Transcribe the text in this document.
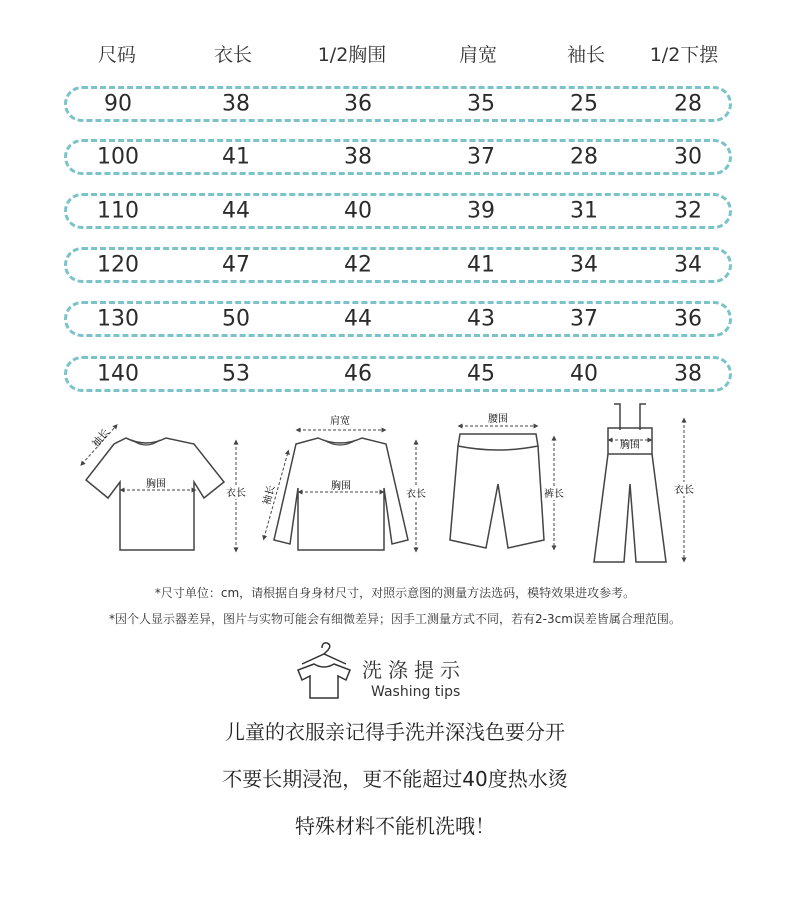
尺码	衣长	1/2胸围	肩宽	袖长 1/2下摆
90	38	36	35	25	28
100	41	38	37	28	30
110	44	40	39	31	32
120	47	42	41	34	34
130	50	44	43	37	36
140	53	46	45	40	38
袖长
胸围
衣长
肩宽
袖长	胸围
衣长
腰围
裤长
胸围
衣长
*尺寸单位：cm，请根据自身身材尺寸，对照示意图的测量方法选码，模特效果进攻参考。
*因个人显示器差异，图片与实物可能会有细微差异；因手工测量方式不同，若有2-3cm误差皆属合理范围。
洗涤提示
Washing tips
儿童的衣服亲记得手洗并深浅色要分开
不要长期浸泡，更不能超过40度热水烫
特殊材料不能机洗哦！
